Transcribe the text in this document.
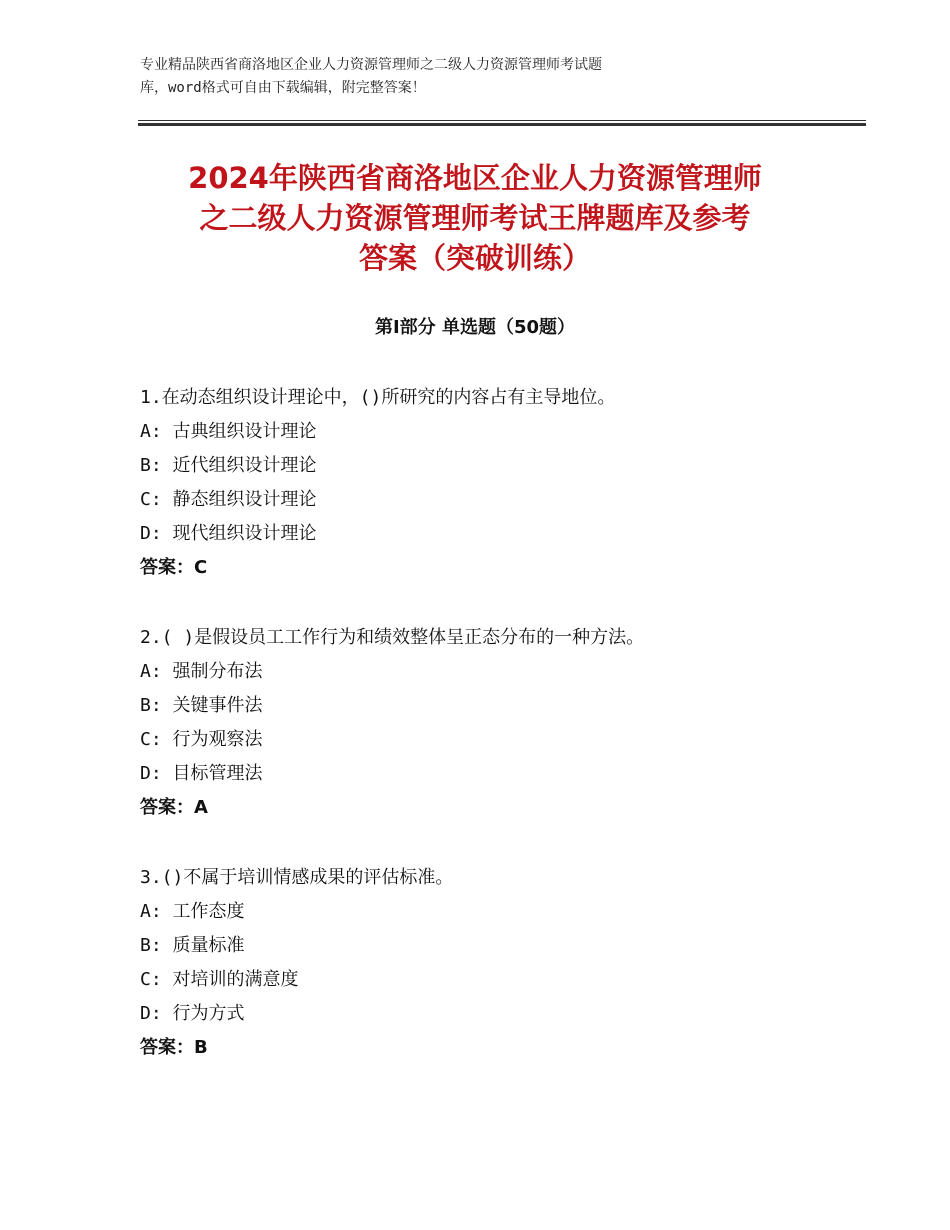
专业精品陕西省商洛地区企业人力资源管理师之二级人力资源管理师考试题
库，word格式可自由下载编辑，附完整答案！
2024年陕西省商洛地区企业人力资源管理师
之二级人力资源管理师考试王牌题库及参考
答案（突破训练）
第Ⅰ部分 单选题（50题）
1.在动态组织设计理论中，()所研究的内容占有主导地位。
A: 古典组织设计理论
B: 近代组织设计理论
C: 静态组织设计理论
D: 现代组织设计理论
答案：C
2.( )是假设员工工作行为和绩效整体呈正态分布的一种方法。
A: 强制分布法
B: 关键事件法
C: 行为观察法
D: 目标管理法
答案：A
3.()不属于培训情感成果的评估标准。
A: 工作态度
B: 质量标准
C: 对培训的满意度
D: 行为方式
答案：B
